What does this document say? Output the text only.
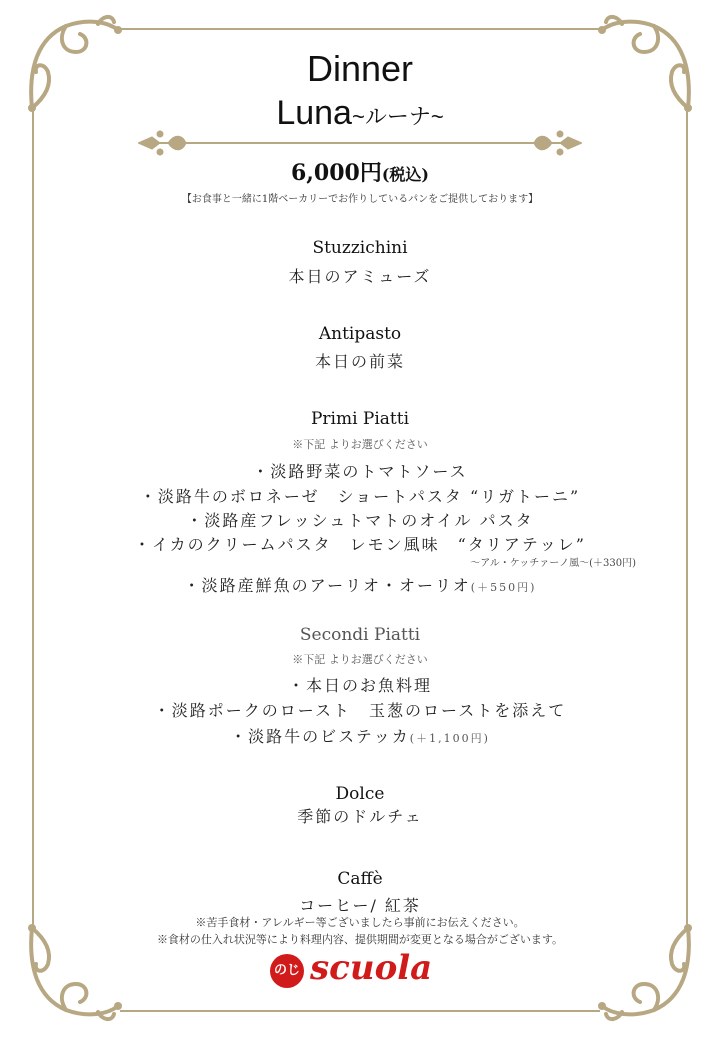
Dinner
Luna~ルーナ~
6,000円(税込)
【お食事と一緒に1階ベーカリーでお作りしているパンをご提供しております】
Stuzzichini
本日のアミューズ
Antipasto
本日の前菜
Primi Piatti
※下記 よりお選びください
・淡路野菜のトマトソース
・淡路牛のボロネーゼ　ショートパスタ “リガトーニ”
・淡路産フレッシュトマトのオイル パスタ
・イカのクリームパスタ　レモン風味　“タリアテッレ”
～アル・ケッチァーノ風～(＋330円)
・淡路産鮮魚のアーリオ・オーリオ(＋550円)
Secondi Piatti
※下記 よりお選びください
・本日のお魚料理
・淡路ポークのロースト　玉葱のローストを添えて
・淡路牛のビステッカ(＋1,100円)
Dolce
季節のドルチェ
Caffè
コーヒー/ 紅茶
※苦手食材・アレルギー等ございましたら事前にお伝えください。
※食材の仕入れ状況等により料理内容、提供期間が変更となる場合がございます。
のじま
scuola
